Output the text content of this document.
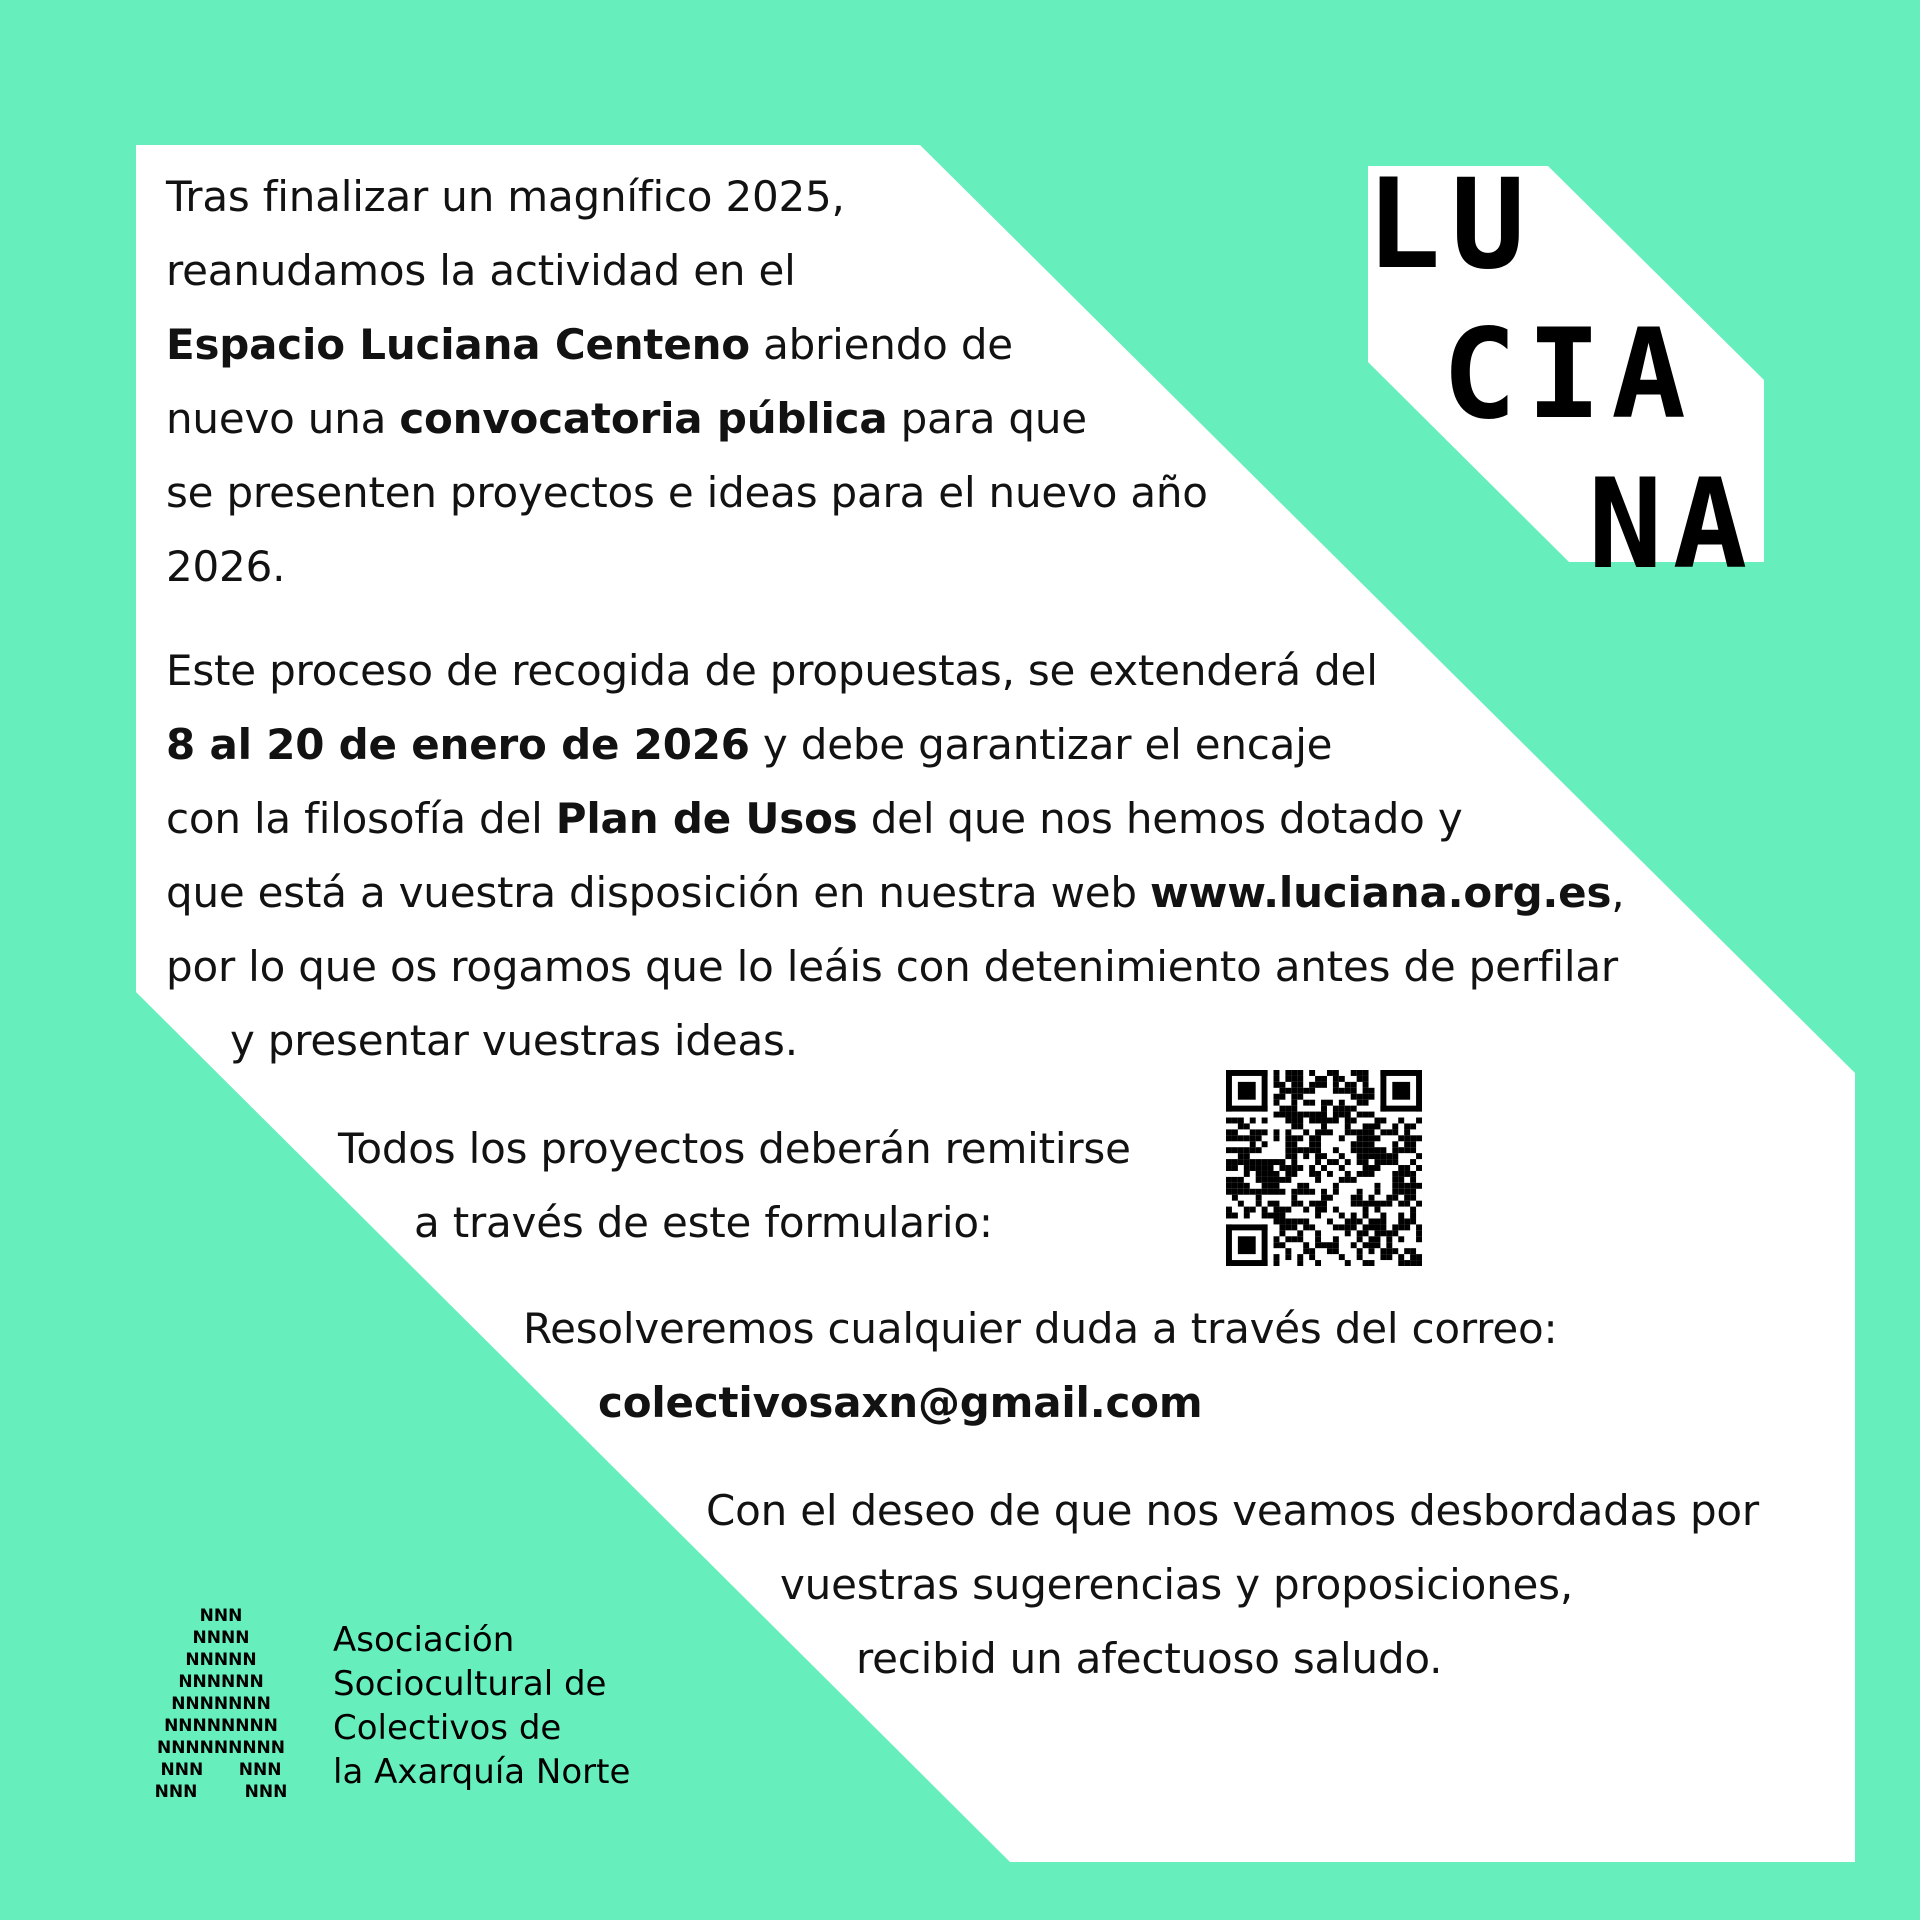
LU
CIA
NA
Tras finalizar un magnífico 2025,
reanudamos la actividad en el
Espacio Luciana Centeno abriendo de
nuevo una convocatoria pública para que
se presenten proyectos e ideas para el nuevo año
2026.
Este proceso de recogida de propuestas, se extenderá del
8 al 20 de enero de 2026 y debe garantizar el encaje
con la filosofía del Plan de Usos del que nos hemos dotado y
que está a vuestra disposición en nuestra web www.luciana.org.es,
por lo que os rogamos que lo leáis con detenimiento antes de perfilar
y presentar vuestras ideas.
Todos los proyectos deberán remitirse
a través de este formulario:
Resolveremos cualquier duda a través del correo:
colectivosaxn@gmail.com
Con el deseo de que nos veamos desbordadas por
vuestras sugerencias y proposiciones,
recibid un afectuoso saludo.
NNN
NNNN
NNNNN
NNNNNN
NNNNNNN
NNNNNNNN
NNNNNNNNN
NNN      NNN
NNN        NNN
Asociación
Sociocultural de
Colectivos de
la Axarquía Norte
